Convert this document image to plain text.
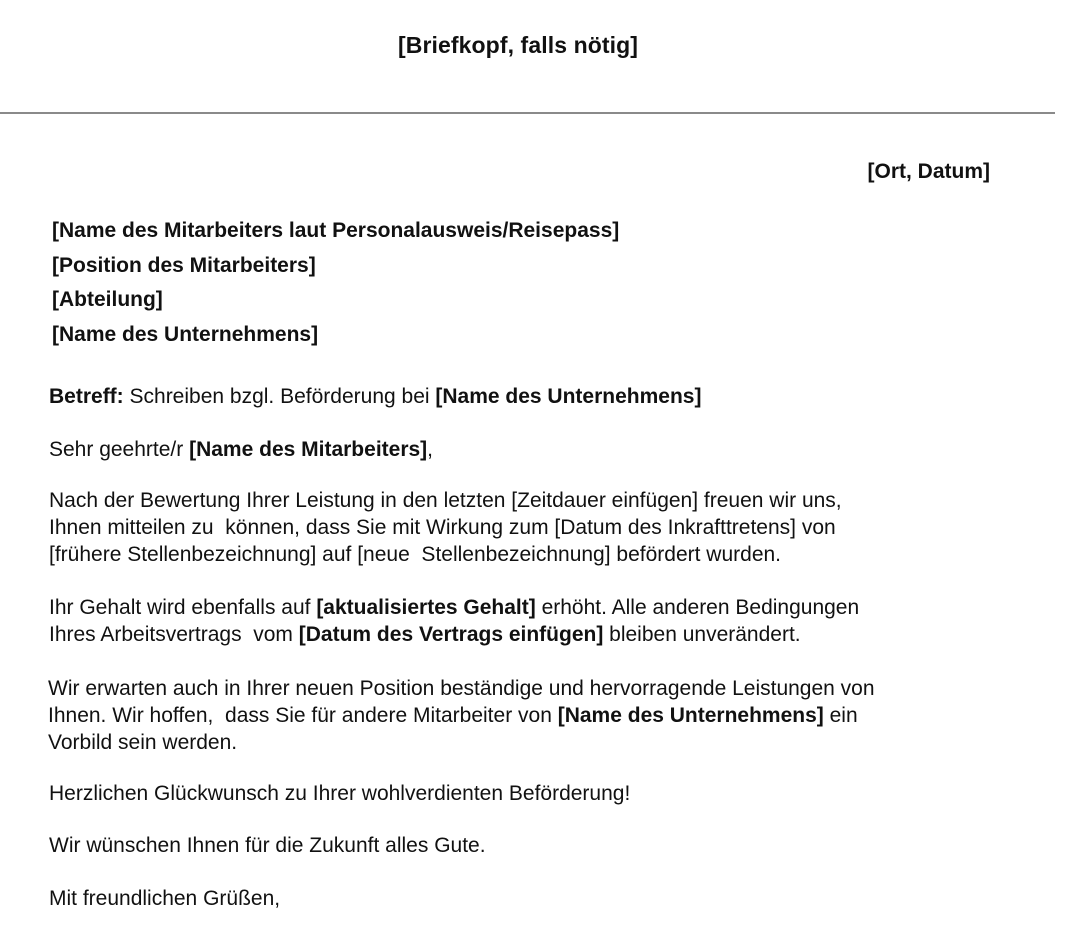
[Briefkopf, falls nötig]
[Ort, Datum]
[Name des Mitarbeiters laut Personalausweis/Reisepass]
[Position des Mitarbeiters]
[Abteilung]
[Name des Unternehmens]
Betreff: Schreiben bzgl. Beförderung bei [Name des Unternehmens]
Sehr geehrte/r [Name des Mitarbeiters],
Nach der Bewertung Ihrer Leistung in den letzten [Zeitdauer einfügen] freuen wir uns,
Ihnen mitteilen zu  können, dass Sie mit Wirkung zum [Datum des Inkrafttretens] von
[frühere Stellenbezeichnung] auf [neue  Stellenbezeichnung] befördert wurden.
Ihr Gehalt wird ebenfalls auf [aktualisiertes Gehalt] erhöht. Alle anderen Bedingungen
Ihres Arbeitsvertrags  vom [Datum des Vertrags einfügen] bleiben unverändert.
Wir erwarten auch in Ihrer neuen Position beständige und hervorragende Leistungen von
Ihnen. Wir hoffen,  dass Sie für andere Mitarbeiter von [Name des Unternehmens] ein
Vorbild sein werden.
Herzlichen Glückwunsch zu Ihrer wohlverdienten Beförderung!
Wir wünschen Ihnen für die Zukunft alles Gute.
Mit freundlichen Grüßen,
